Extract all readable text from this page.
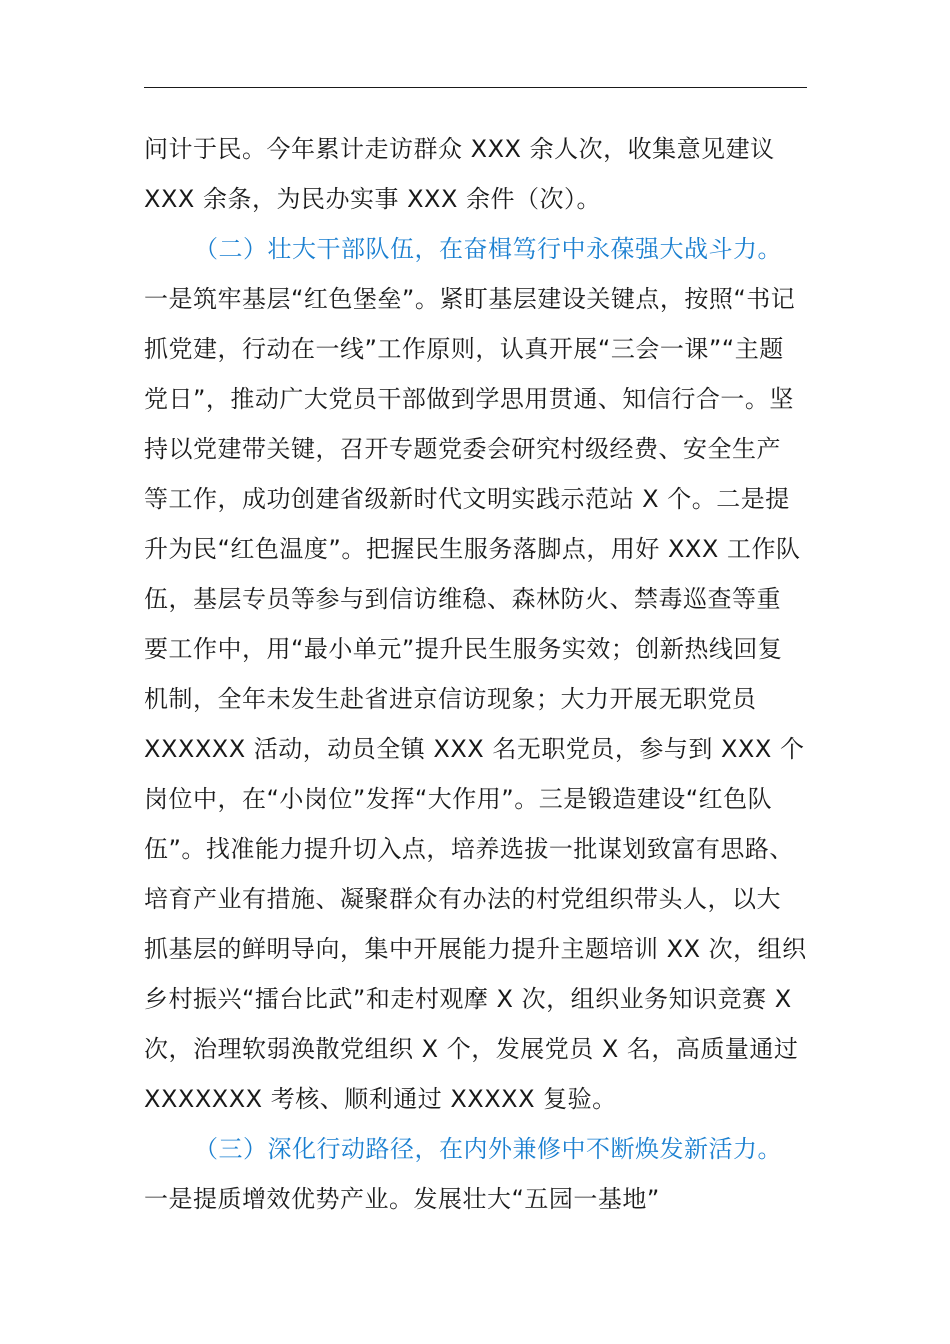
问计于民。今年累计走访群众 XXX 余人次，收集意见建议
XXX 余条，为民办实事 XXX 余件（次）。
（二）壮大干部队伍，在奋楫笃行中永葆强大战斗力。
一是筑牢基层“红色堡垒”。紧盯基层建设关键点，按照“书记
抓党建，行动在一线”工作原则，认真开展“三会一课”“主题
党日”，推动广大党员干部做到学思用贯通、知信行合一。坚
持以党建带关键，召开专题党委会研究村级经费、安全生产
等工作，成功创建省级新时代文明实践示范站 X 个。二是提
升为民“红色温度”。把握民生服务落脚点，用好 XXX 工作队
伍，基层专员等参与到信访维稳、森林防火、禁毒巡查等重
要工作中，用“最小单元”提升民生服务实效；创新热线回复
机制，全年未发生赴省进京信访现象；大力开展无职党员
XXXXXX 活动，动员全镇 XXX 名无职党员，参与到 XXX 个
岗位中，在“小岗位”发挥“大作用”。三是锻造建设“红色队
伍”。找准能力提升切入点，培养选拔一批谋划致富有思路、
培育产业有措施、凝聚群众有办法的村党组织带头人，以大
抓基层的鲜明导向，集中开展能力提升主题培训 XX 次，组织
乡村振兴“擂台比武”和走村观摩 X 次，组织业务知识竞赛 X
次，治理软弱涣散党组织 X 个，发展党员 X 名，高质量通过
XXXXXXX 考核、顺利通过 XXXXX 复验。
（三）深化行动路径，在内外兼修中不断焕发新活力。
一是提质增效优势产业。发展壮大“五园一基地”
